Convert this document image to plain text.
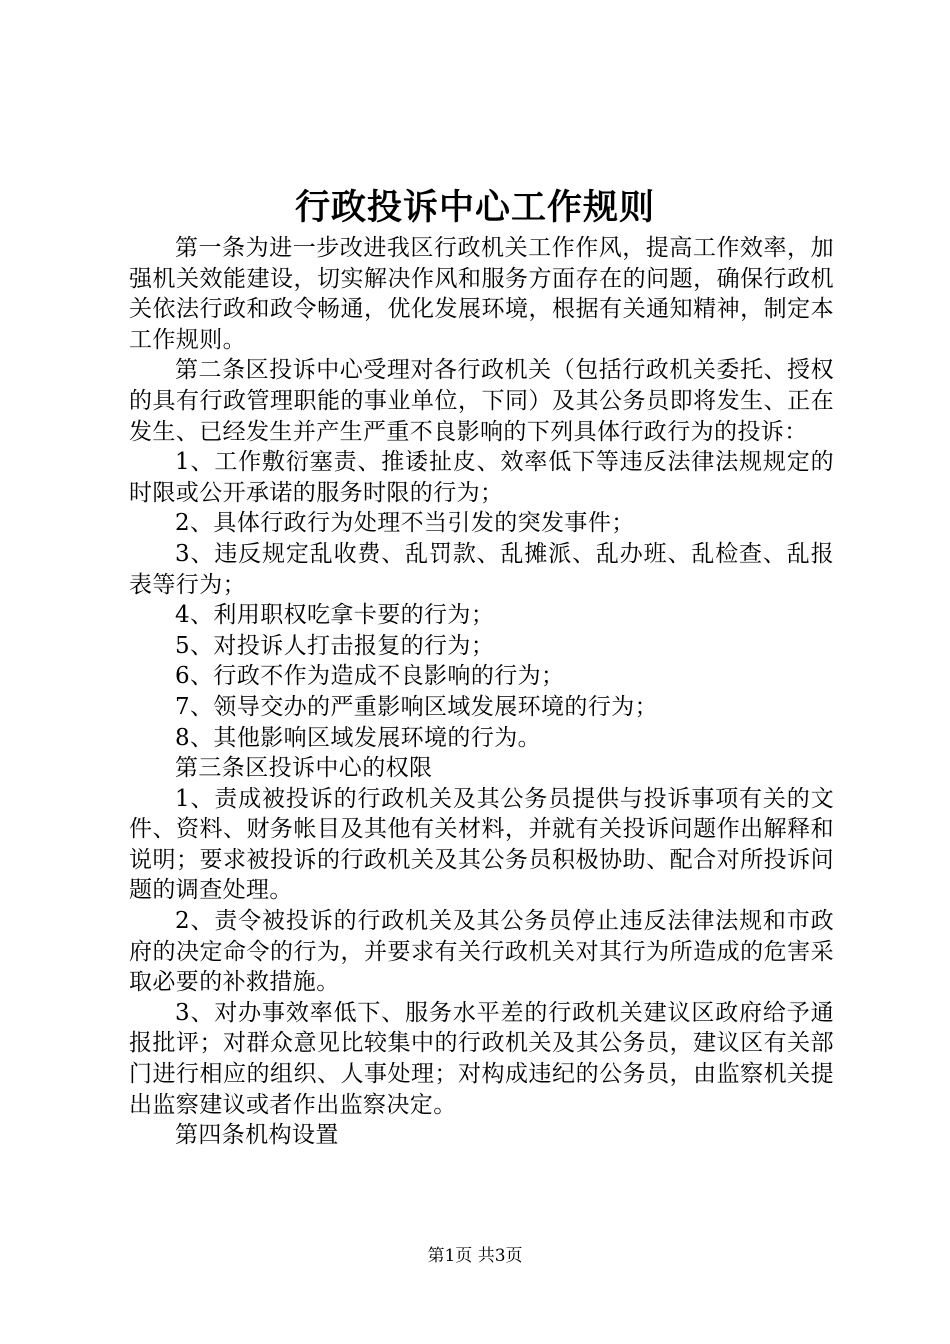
行政投诉中心工作规则

第一条为进一步改进我区行政机关工作作风，提高工作效率，加强机关效能建设，切实解决作风和服务方面存在的问题，确保行政机关依法行政和政令畅通，优化发展环境，根据有关通知精神，制定本工作规则。

第二条区投诉中心受理对各行政机关（包括行政机关委托、授权的具有行政管理职能的事业单位，下同）及其公务员即将发生、正在发生、已经发生并产生严重不良影响的下列具体行政行为的投诉：

1、工作敷衍塞责、推诿扯皮、效率低下等违反法律法规规定的时限或公开承诺的服务时限的行为；

2、具体行政行为处理不当引发的突发事件；

3、违反规定乱收费、乱罚款、乱摊派、乱办班、乱检查、乱报表等行为；

4、利用职权吃拿卡要的行为；

5、对投诉人打击报复的行为；

6、行政不作为造成不良影响的行为；

7、领导交办的严重影响区域发展环境的行为；

8、其他影响区域发展环境的行为。

第三条区投诉中心的权限

1、责成被投诉的行政机关及其公务员提供与投诉事项有关的文件、资料、财务帐目及其他有关材料，并就有关投诉问题作出解释和说明；要求被投诉的行政机关及其公务员积极协助、配合对所投诉问题的调查处理。

2、责令被投诉的行政机关及其公务员停止违反法律法规和市政府的决定命令的行为，并要求有关行政机关对其行为所造成的危害采取必要的补救措施。

3、对办事效率低下、服务水平差的行政机关建议区政府给予通报批评；对群众意见比较集中的行政机关及其公务员，建议区有关部门进行相应的组织、人事处理；对构成违纪的公务员，由监察机关提出监察建议或者作出监察决定。

第四条机构设置

第1页 共3页
